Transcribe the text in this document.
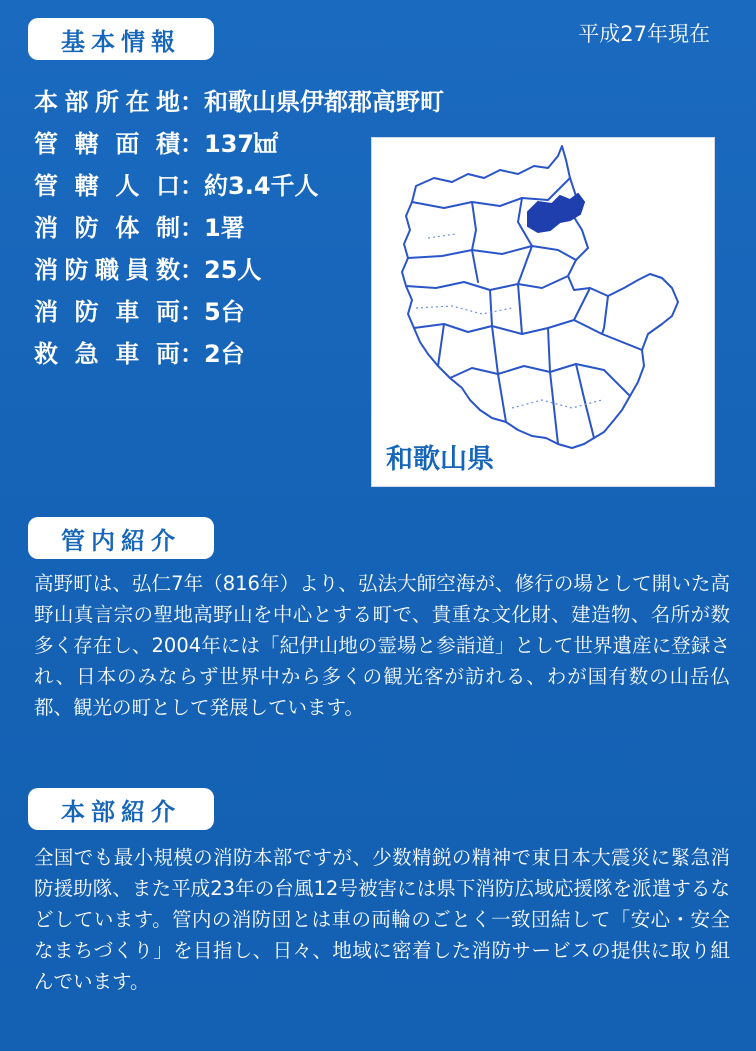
基本情報	平成27年現在
本部所在地 ： 和歌山県伊都郡高野町
管轄面積 ： 137㎢
管轄人口 ： 約3.4千人
消防体制 ： 1署
消防職員数 ： 25人
消防車両 ： 5台
救急車両 ： 2台
和歌山県
管内紹介

高野町は、弘仁7年（816年）より、弘法大師空海が、修行の場として開いた高野山真言宗の聖地高野山を中心とする町で、貴重な文化財、建造物、名所が数多く存在し、2004年には「紀伊山地の霊場と参詣道」として世界遺産に登録され、日本のみならず世界中から多くの観光客が訪れる、わが国有数の山岳仏都、観光の町として発展しています。

本部紹介

全国でも最小規模の消防本部ですが、少数精鋭の精神で東日本大震災に緊急消防援助隊、また平成23年の台風12号被害には県下消防広域応援隊を派遣するなどしています。管内の消防団とは車の両輪のごとく一致団結して「安心・安全なまちづくり」を目指し、日々、地域に密着した消防サービスの提供に取り組んでいます。
